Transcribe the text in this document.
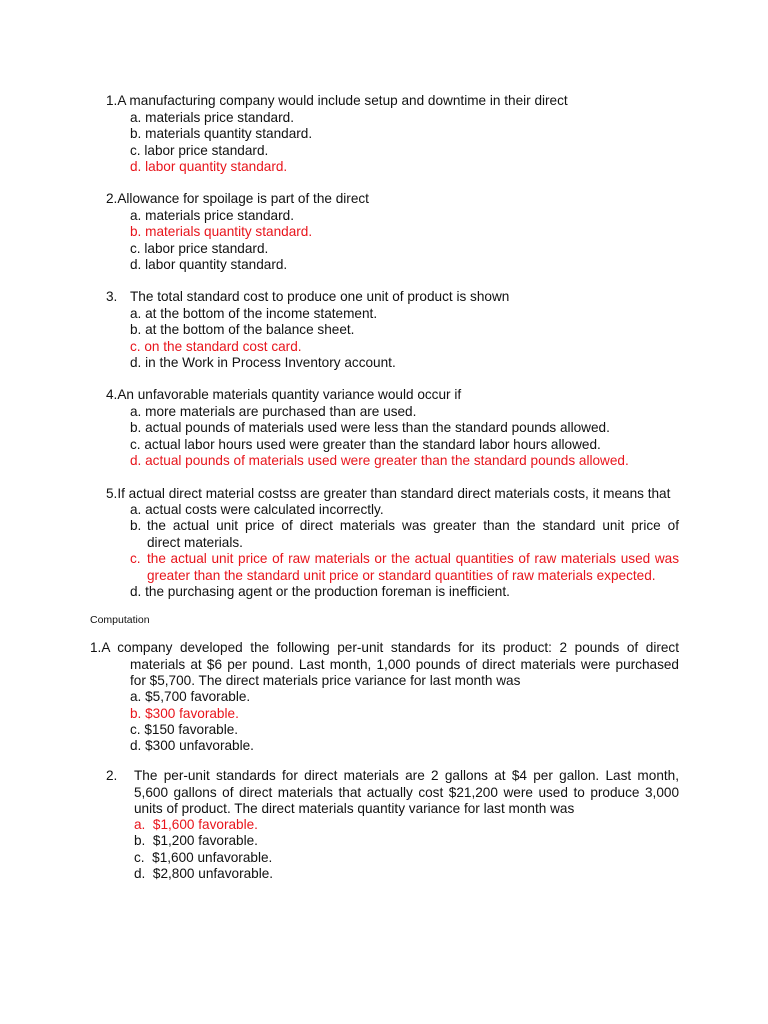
1.A manufacturing company would include setup and downtime in their direct
a. materials price standard.
b. materials quantity standard.
c. labor price standard.
d. labor quantity standard.
2.Allowance for spoilage is part of the direct
a. materials price standard.
b. materials quantity standard.
c. labor price standard.
d. labor quantity standard.
3. The total standard cost to produce one unit of product is shown
a. at the bottom of the income statement.
b. at the bottom of the balance sheet.
c. on the standard cost card.
d. in the Work in Process Inventory account.
4.An unfavorable materials quantity variance would occur if
a. more materials are purchased than are used.
b. actual pounds of materials used were less than the standard pounds allowed.
c. actual labor hours used were greater than the standard labor hours allowed.
d. actual pounds of materials used were greater than the standard pounds allowed.
5.If actual direct material costss are greater than standard direct materials costs, it means that
a. actual costs were calculated incorrectly.
b. the actual unit price of direct materials was greater than the standard unit price of
direct materials.
c. the actual unit price of raw materials or the actual quantities of raw materials used was
greater than the standard unit price or standard quantities of raw materials expected.
d. the purchasing agent or the production foreman is inefficient.
Computation
1.A company developed the following per-unit standards for its product: 2 pounds of direct
materials at $6 per pound. Last month, 1,000 pounds of direct materials were purchased
for $5,700. The direct materials price variance for last month was
a. $5,700 favorable.
b. $300 favorable.
c. $150 favorable.
d. $300 unfavorable.
2. The per-unit standards for direct materials are 2 gallons at $4 per gallon. Last month,
5,600 gallons of direct materials that actually cost $21,200 were used to produce 3,000
units of product. The direct materials quantity variance for last month was
a. $1,600 favorable.
b. $1,200 favorable.
c. $1,600 unfavorable.
d. $2,800 unfavorable.
